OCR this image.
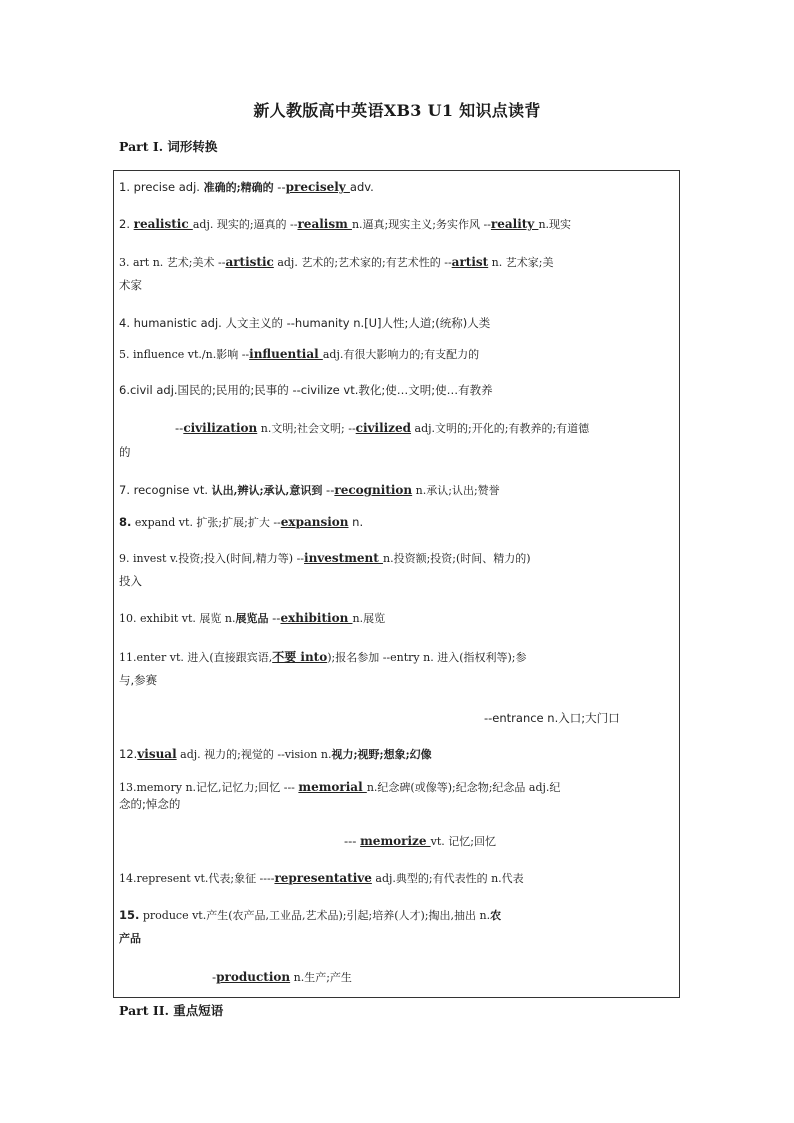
新人教版高中英语XB3 U1 知识点读背
Part I. 词形转换
1. precise adj. 准确的;精确的 --precisely adv.
2. realistic adj. 现实的;逼真的 --realism n.逼真;现实主义;务实作风 --reality n.现实
3. art n. 艺术;美术 --artistic adj. 艺术的;艺术家的;有艺术性的 --artist n. 艺术家;美
术家
4. humanistic adj. 人文主义的 --humanity n.[U]人性;人道;(统称)人类
5. influence vt./n.影响 --influential adj.有很大影响力的;有支配力的
6.civil adj.国民的;民用的;民事的 --civilize vt.教化;使…文明;使…有教养
--civilization n.文明;社会文明; --civilized adj.文明的;开化的;有教养的;有道德
的
7. recognise vt. 认出,辨认;承认,意识到 --recognition n.承认;认出;赞誉
8. expand vt. 扩张;扩展;扩大 --expansion n.
9. invest v.投资;投入(时间,精力等) --investment n.投资额;投资;(时间、精力的)
投入
10. exhibit vt. 展览 n.展览品 --exhibition n.展览
11.enter vt. 进入(直接跟宾语,不要 into);报名参加 --entry n. 进入(指权利等);参
与,参赛
--entrance n.入口;大门口
12.visual adj. 视力的;视觉的 --vision n.视力;视野;想象;幻像
13.memory n.记忆,记忆力;回忆 --- memorial n.纪念碑(或像等);纪念物;纪念品 adj.纪
念的;悼念的
--- memorize vt. 记忆;回忆
14.represent vt.代表;象征 ----representative adj.典型的;有代表性的 n.代表
15. produce vt.产生(农产品,工业品,艺术品);引起;培养(人才);掏出,抽出 n.农
产品
-production n.生产;产生
Part II. 重点短语
